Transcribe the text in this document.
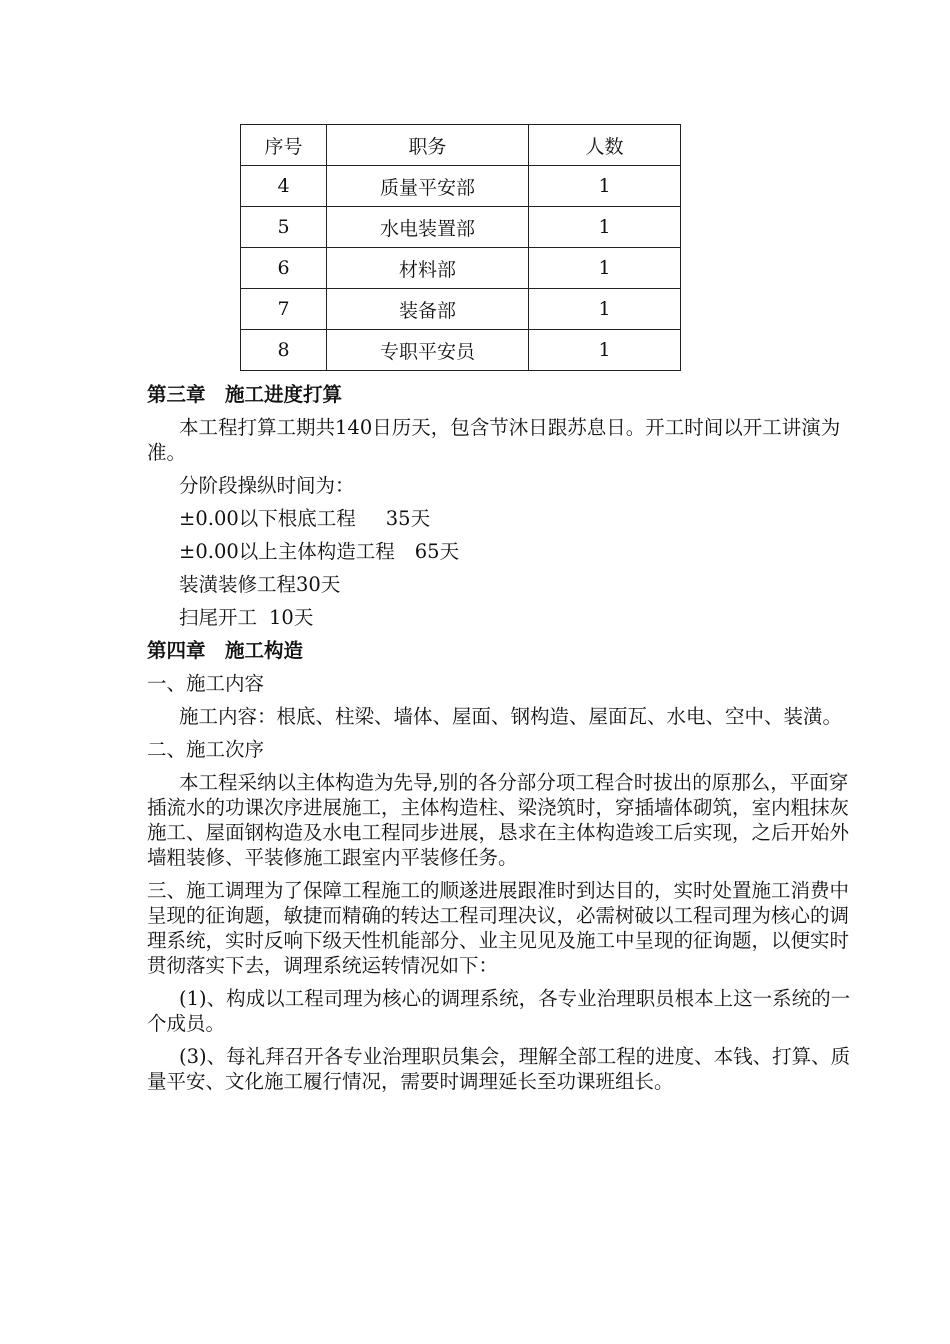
序号	职务	人数
4	质量平安部	1
5	水电装置部	1
6	材料部	1
7	装备部	1
8	专职平安员	1
第三章　施工进度打算
本工程打算工期共140日历天，包含节沐日跟苏息日。开工时间以开工讲演为准。
分阶段操纵时间为：
±0.00以下根底工程 35天
±0.00以上主体构造工程 65天
装潢装修工程30天
扫尾开工 10天
第四章　施工构造
一、施工内容
施工内容：根底、柱梁、墙体、屋面、钢构造、屋面瓦、水电、空中、装潢。
二、施工次序
本工程采纳以主体构造为先导,别的各分部分项工程合时拔出的原那么，平面穿插流水的功课次序进展施工，主体构造柱、梁浇筑时，穿插墙体砌筑，室内粗抹灰施工、屋面钢构造及水电工程同步进展，恳求在主体构造竣工后实现，之后开始外墙粗装修、平装修施工跟室内平装修任务。
三、施工调理为了保障工程施工的顺遂进展跟准时到达目的，实时处置施工消费中呈现的征询题，敏捷而精确的转达工程司理决议，必需树破以工程司理为核心的调理系统，实时反响下级天性机能部分、业主见见及施工中呈现的征询题，以便实时贯彻落实下去，调理系统运转情况如下：
(1)、构成以工程司理为核心的调理系统，各专业治理职员根本上这一系统的一个成员。
(3)、每礼拜召开各专业治理职员集会，理解全部工程的进度、本钱、打算、质量平安、文化施工履行情况，需要时调理延长至功课班组长。
